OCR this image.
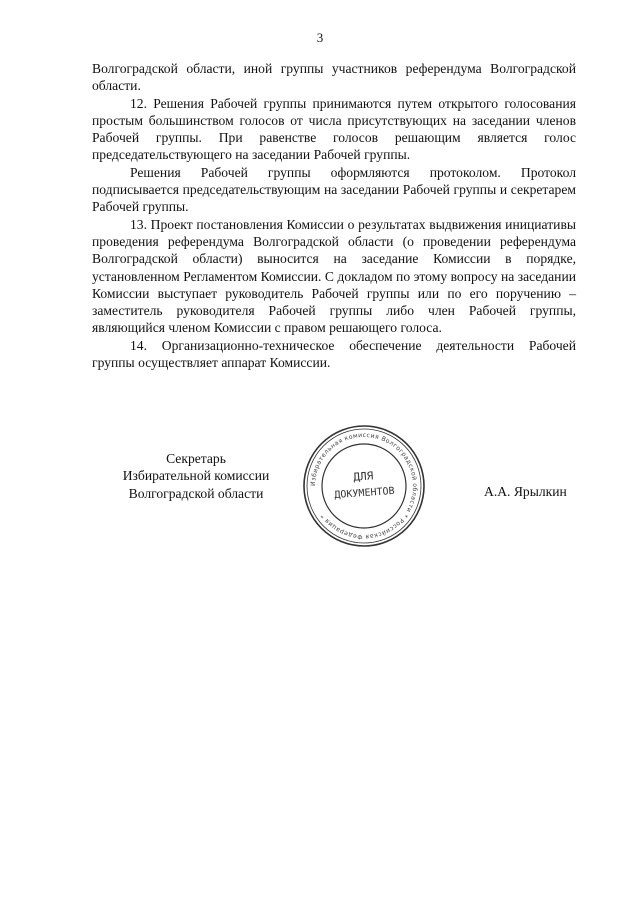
3

Волгоградской области, иной группы участников референдума Волгоградской области.

12. Решения Рабочей группы принимаются путем открытого голосования простым большинством голосов от числа присутствующих на заседании членов Рабочей группы. При равенстве голосов решающим является голос председательствующего на заседании Рабочей группы.

Решения Рабочей группы оформляются протоколом. Протокол подписывается председательствующим на заседании Рабочей группы и секретарем Рабочей группы.

13. Проект постановления Комиссии о результатах выдвижения инициативы проведения референдума Волгоградской области (о проведении референдума Волгоградской области) выносится на заседание Комиссии в порядке, установленном Регламентом Комиссии. С докладом по этому вопросу на заседании Комиссии выступает руководитель Рабочей группы или по его поручению – заместитель руководителя Рабочей группы либо член Рабочей группы, являющийся членом Комиссии с правом решающего голоса.

14. Организационно-техническое обеспечение деятельности Рабочей группы осуществляет аппарат Комиссии.

Секретарь
Избирательной комиссии
Волгоградской области
Избирательная комиссия Волгоградской области * Российская Федерация *
ДЛЯ
ДОКУМЕНТОВ	А.А. Ярылкин
